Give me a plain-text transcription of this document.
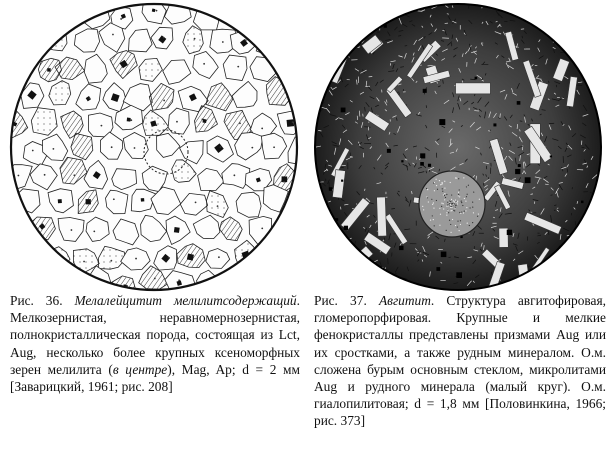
Рис. 36. Мелалейцитит мелилитсодержащий. Мелкозернистая, неравномернозернистая, полнокристаллическая порода, состоящая из Lct, Aug, несколько более крупных ксеноморфных зерен мелилита (в центре), Mag, Ap; d = 2 мм [Заварицкий, 1961; рис. 208]
Рис. 37. Авгитит. Структура авгитофировая, гломеропорфировая. Крупные и мелкие фенокристаллы представлены призмами Aug или их сростками, а также рудным минералом. О.м. сложена бурым основным стеклом, микролитами Aug и рудного минерала (малый круг). О.м. гиалопилитовая; d = 1,8 мм [Половинкина, 1966; рис. 373]
